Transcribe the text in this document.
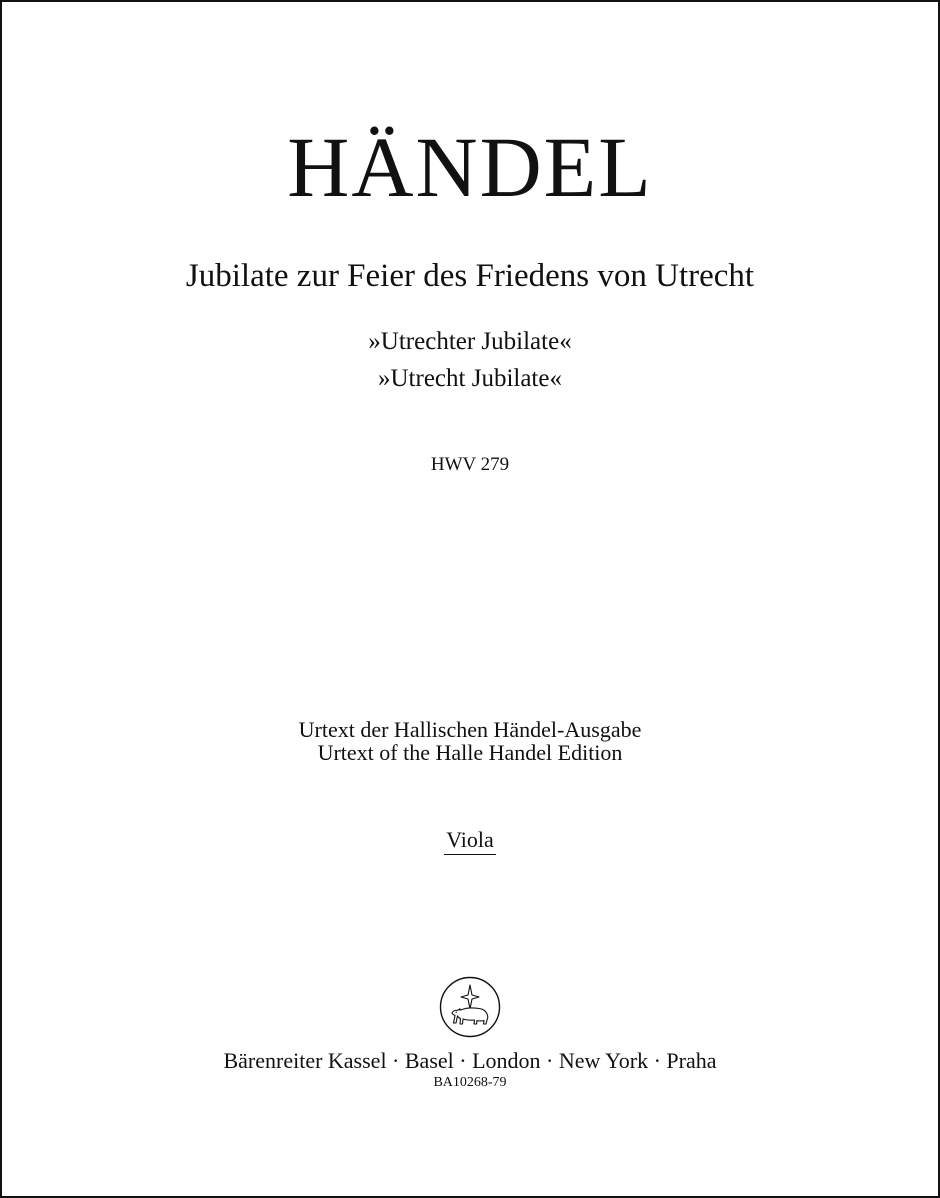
HÄNDEL
Jubilate zur Feier des Friedens von Utrecht
»Utrechter Jubilate«
»Utrecht Jubilate«
HWV 279
Urtext der Hallischen Händel-Ausgabe
Urtext of the Halle Handel Edition
Viola
Bärenreiter Kassel · Basel · London · New York · Praha
BA10268-79
